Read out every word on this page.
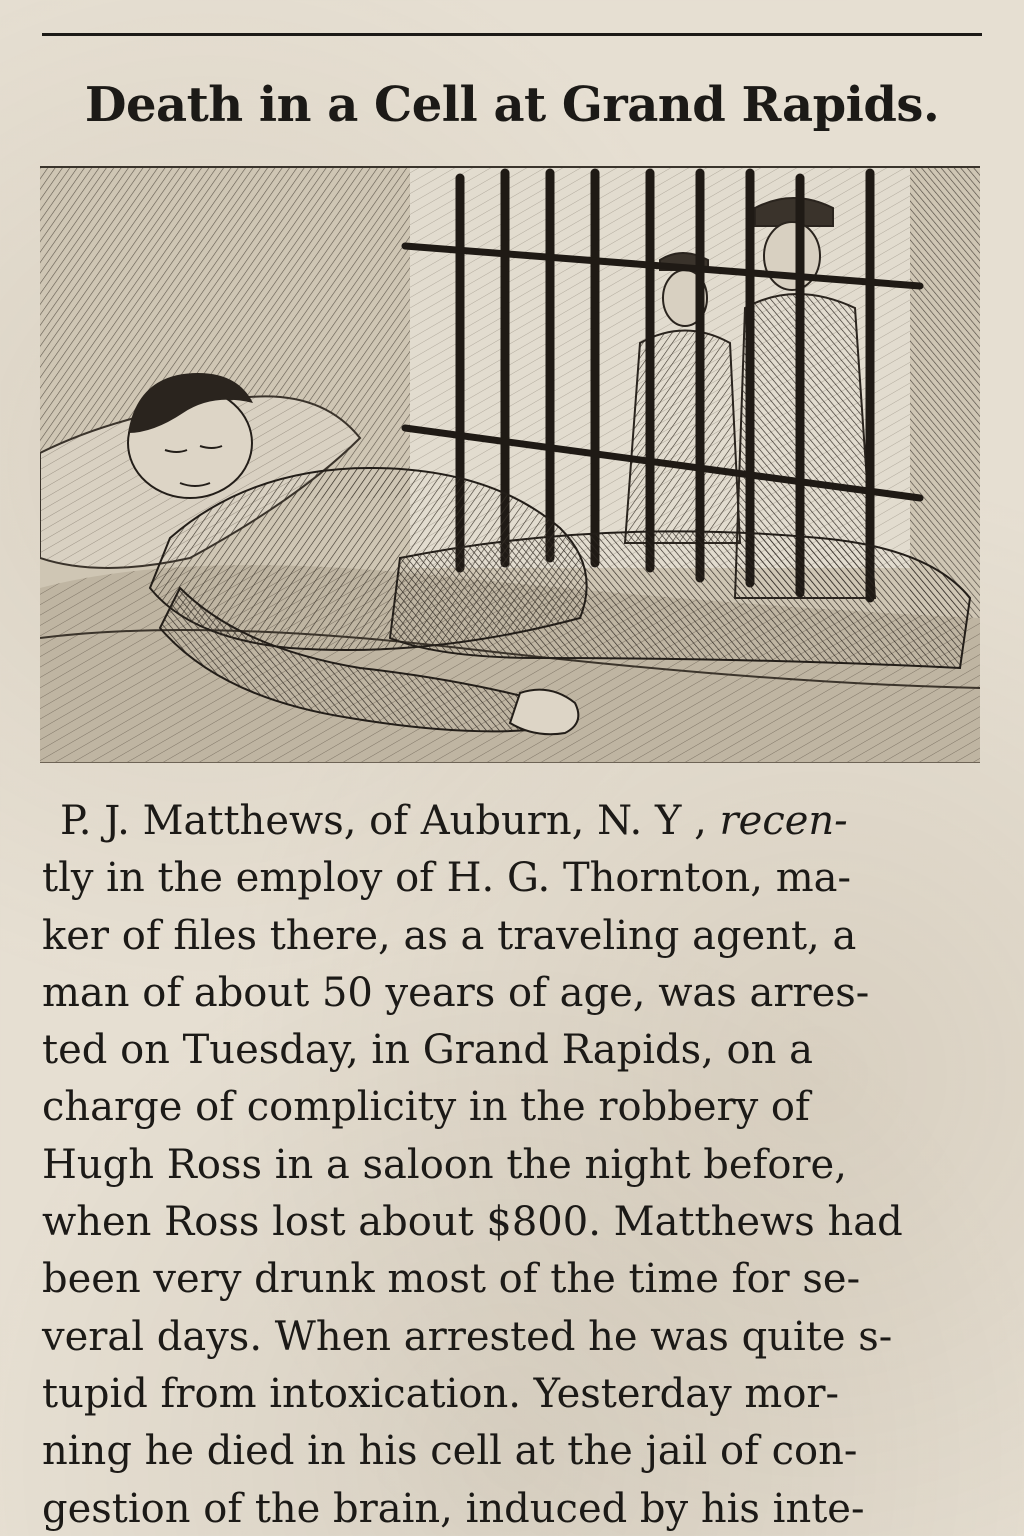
Death in a Cell at Grand Rapids.
P. J. Matthews, of Auburn, N. Y , recen-
tly in the employ of H. G. Thornton, ma-
ker of files there, as a traveling agent, a
man of about 50 years of age, was arres-
ted on Tuesday, in Grand Rapids, on a
charge of complicity in the robbery of
Hugh Ross in a saloon the night before,
when Ross lost about $800. Matthews had
been very drunk most of the time for se-
veral days. When arrested he was quite s-
tupid from intoxication. Yesterday mor-
ning he died in his cell at the jail of con-
gestion of the brain, induced by his inte-
